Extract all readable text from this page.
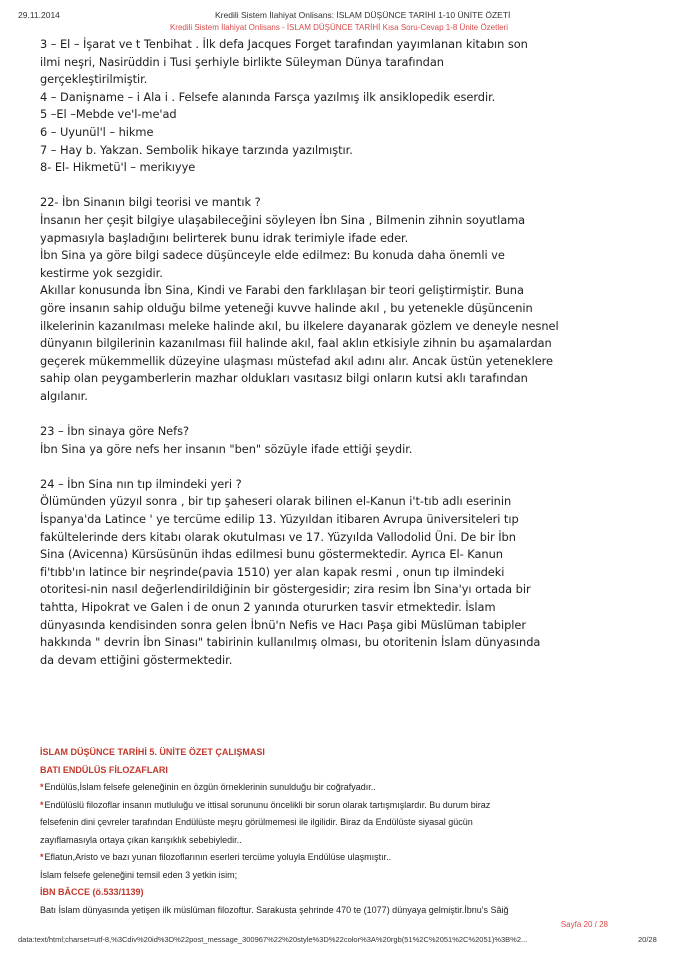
29.11.2014	Kredili Sistem İlahiyat Onlisans: İSLAM DÜŞÜNCE TARİHİ 1-10 ÜNİTE ÖZETİ
Kredili Sistem İlahiyat Onlisans - İSLAM DÜŞÜNCE TARİHİ Kısa Soru-Cevap 1-8 Ünite Özetleri

3 – El – İşarat ve t Tenbihat . İlk defa Jacques Forget tarafından yayımlanan kitabın son

ilmi neşri, Nasirüddin i Tusi şerhiyle birlikte Süleyman Dünya tarafından

gerçekleştirilmiştir.

4 – Danişname – i Ala i . Felsefe alanında Farsça yazılmış ilk ansiklopedik eserdir.

5 –El –Mebde ve'l-me'ad

6 – Uyunül'l – hikme

7 – Hay b. Yakzan. Sembolik hikaye tarzında yazılmıştır.

8- El- Hikmetü'l – merikıyye

22- İbn Sinanın bilgi teorisi ve mantık ?

İnsanın her çeşit bilgiye ulaşabileceğini söyleyen İbn Sina , Bilmenin zihnin soyutlama

yapmasıyla başladığını belirterek bunu idrak terimiyle ifade eder.

İbn Sina ya göre bilgi sadece düşünceyle elde edilmez: Bu konuda daha önemli ve

kestirme yok sezgidir.

Akıllar konusunda İbn Sina, Kindi ve Farabi den farklılaşan bir teori geliştirmiştir. Buna

göre insanın sahip olduğu bilme yeteneği kuvve halinde akıl , bu yetenekle düşüncenin

ilkelerinin kazanılması meleke halinde akıl, bu ilkelere dayanarak gözlem ve deneyle nesnel

dünyanın bilgilerinin kazanılması fiil halinde akıl, faal aklın etkisiyle zihnin bu aşamalardan

geçerek mükemmellik düzeyine ulaşması müstefad akıl adını alır. Ancak üstün yeteneklere

sahip olan peygamberlerin mazhar oldukları vasıtasız bilgi onların kutsi aklı tarafından

algılanır.

23 – İbn sinaya göre Nefs?

İbn Sina ya göre nefs her insanın "ben" sözüyle ifade ettiği şeydir.

24 – İbn Sina nın tıp ilmindeki yeri ?

Ölümünden yüzyıl sonra , bir tıp şaheseri olarak bilinen el-Kanun i't-tıb adlı eserinin

İspanya'da Latince ' ye tercüme edilip 13. Yüzyıldan itibaren Avrupa üniversiteleri tıp

fakültelerinde ders kitabı olarak okutulması ve 17. Yüzyılda Vallodolid Üni. De bir İbn

Sina (Avicenna) Kürsüsünün ihdas edilmesi bunu göstermektedir. Ayrıca El- Kanun

fi'tıbb'ın latince bir neşrinde(pavia 1510) yer alan kapak resmi , onun tıp ilmindeki

otoritesi-nin nasıl değerlendirildiğinin bir göstergesidir; zira resim İbn Sina'yı ortada bir

tahtta, Hipokrat ve Galen i de onun 2 yanında otururken tasvir etmektedir. İslam

dünyasında kendisinden sonra gelen İbnü'n Nefis ve Hacı Paşa gibi Müslüman tabipler

hakkında " devrin İbn Sinası" tabirinin kullanılmış olması, bu otoritenin İslam dünyasında

da devam ettiğini göstermektedir.

İSLAM DÜŞÜNCE TARİHİ 5. ÜNİTE ÖZET ÇALIŞMASI

BATI ENDÜLÜS FİLOZAFLARI

*Endülüs,İslam felsefe geleneğinin en özgün örneklerinin sunulduğu bir coğrafyadır..

*Endülüslü filozoflar insanın mutluluğu ve ittisal sorununu öncelikli bir sorun olarak tartışmışlardır. Bu durum biraz

felsefenin dini çevreler tarafından Endülüste meşru görülmemesi ile ilgilidir. Biraz da Endülüste siyasal gücün

zayıflamasıyla ortaya çıkan karışıklık sebebiyledir..

*Eflatun,Aristo ve bazı yunan filozoflarının eserleri tercüme yoluyla Endülüse ulaşmıştır..

İslam felsefe geleneğini temsil eden 3 yetkin isim;

İBN BÂCCE (ö.533/1139)

Batı İslam dünyasında yetişen ilk müslüman filozoftur. Sarakusta şehrinde 470 te (1077) dünyaya gelmiştir.İbnu's Sâiğ

Sayfa 20 / 28
data:text/html;charset=utf-8,%3Cdiv%20id%3D%22post_message_300967%22%20style%3D%22color%3A%20rgb(51%2C%2051%2C%2051)%3B%2...	20/28
